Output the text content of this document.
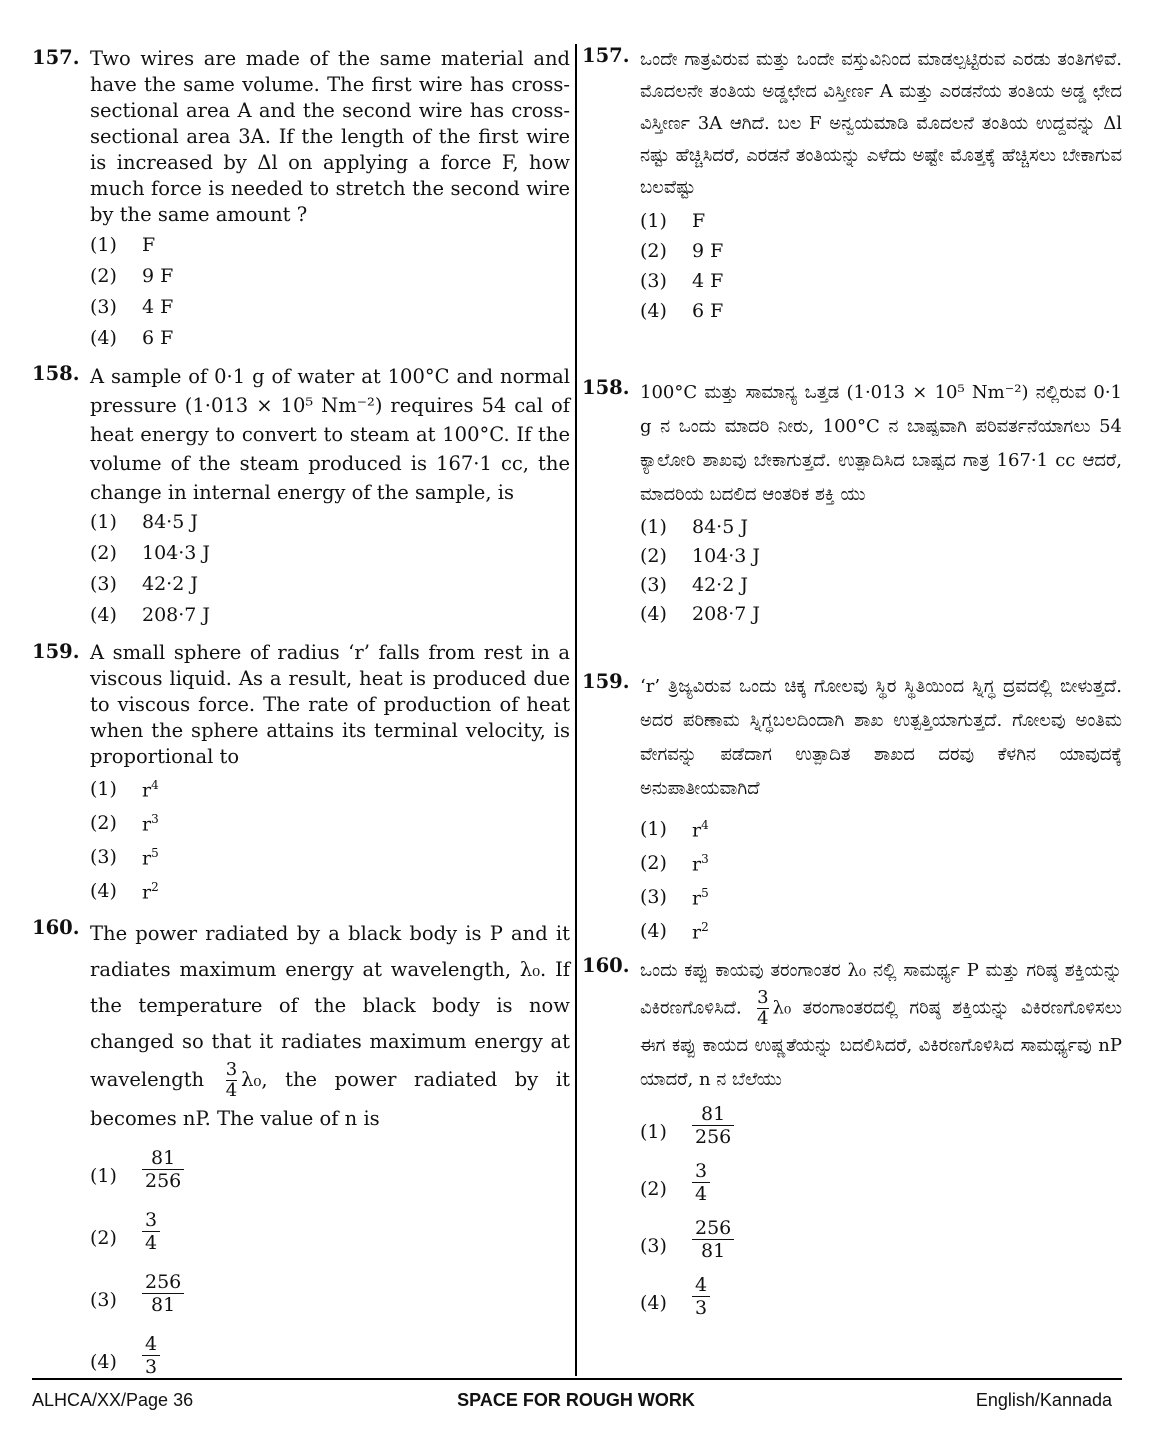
157. Two wires are made of the same material and have the same volume. The first wire has cross-sectional area A and the second wire has cross-sectional area 3A. If the length of the first wire is increased by Δl on applying a force F, how much force is needed to stretch the second wire by the same amount ?
(1) F
(2) 9 F
(3) 4 F
(4) 6 F
158. A sample of 0·1 g of water at 100°C and normal pressure (1·013 × 10⁵ Nm⁻²) requires 54 cal of heat energy to convert to steam at 100°C. If the volume of the steam produced is 167·1 cc, the change in internal energy of the sample, is
(1) 84·5 J
(2) 104·3 J
(3) 42·2 J
(4) 208·7 J
159. A small sphere of radius ‘r’ falls from rest in a viscous liquid. As a result, heat is produced due to viscous force. The rate of production of heat when the sphere attains its terminal velocity, is proportional to
(1) $r^4$
(2) $r^3$
(3) $r^5$
(4) $r^2$
160. The power radiated by a black body is P and it radiates maximum energy at wavelength, λ₀. If the temperature of the black body is now changed so that it radiates maximum energy at wavelength $\frac{3}{4} \lambda_0$, the power radiated by it becomes nP. The value of n is
$(1) \frac{81}{256}$
$(2) \frac{3}{4}$
$(3) \frac{256}{81}$
$(4) \frac{4}{3}$
157. ಒಂದೇ ಗಾತ್ರವಿರುವ ಮತ್ತು ಒಂದೇ ವಸ್ತುವಿನಿಂದ ಮಾಡಲ್ಪಟ್ಟಿರುವ ಎರಡು ತಂತಿಗಳಿವೆ. ಮೊದಲನೇ ತಂತಿಯ ಅಡ್ಡಛೇದ ವಿಸ್ತೀರ್ಣ A ಮತ್ತು ಎರಡನೆಯ ತಂತಿಯ ಅಡ್ಡ ಛೇದ ವಿಸ್ತೀರ್ಣ 3A ಆಗಿದೆ. ಬಲ F ಅನ್ವಯಮಾಡಿ ಮೊದಲನೆ ತಂತಿಯ ಉದ್ದವನ್ನು Δl ನಷ್ಟು ಹೆಚ್ಚಿಸಿದರೆ, ಎರಡನೆ ತಂತಿಯನ್ನು ಎಳೆದು ಅಷ್ಟೇ ಮೊತ್ತಕ್ಕೆ ಹೆಚ್ಚಿಸಲು ಬೇಕಾಗುವ ಬಲವೆಷ್ಟು
(1) F
(2) 9 F
(3) 4 F
(4) 6 F
158. 100°C ಮತ್ತು ಸಾಮಾನ್ಯ ಒತ್ತಡ (1·013 × 10⁵ Nm⁻²) ನಲ್ಲಿರುವ 0·1 g ನ ಒಂದು ಮಾದರಿ ನೀರು, 100°C ನ ಬಾಷ್ಪವಾಗಿ ಪರಿವರ್ತನೆಯಾಗಲು 54 ಕ್ಯಾಲೋರಿ ಶಾಖವು ಬೇಕಾಗುತ್ತದೆ. ಉತ್ಪಾದಿಸಿದ ಬಾಷ್ಪದ ಗಾತ್ರ 167·1 cc ಆದರೆ, ಮಾದರಿಯ ಬದಲಿದ ಆಂತರಿಕ ಶಕ್ತಿ ಯು
(1) 84·5 J
(2) 104·3 J
(3) 42·2 J
(4) 208·7 J
159. ‘r’ ತ್ರಿಜ್ಯವಿರುವ ಒಂದು ಚಿಕ್ಕ ಗೋಲವು ಸ್ಥಿರ ಸ್ಥಿತಿಯಿಂದ ಸ್ನಿಗ್ಧ ದ್ರವದಲ್ಲಿ ಬೀಳುತ್ತದೆ. ಅದರ ಪರಿಣಾಮ ಸ್ನಿಗ್ಧಬಲದಿಂದಾಗಿ ಶಾಖ ಉತ್ಪತ್ತಿಯಾಗುತ್ತದೆ. ಗೋಲವು ಅಂತಿಮ ವೇಗವನ್ನು ಪಡೆದಾಗ ಉತ್ಪಾದಿತ ಶಾಖದ ದರವು ಕೆಳಗಿನ ಯಾವುದಕ್ಕೆ ಅನುಪಾತೀಯವಾಗಿದೆ
(1) $r^4$
(2) $r^3$
(3) $r^5$
(4) $r^2$
160. ಒಂದು ಕಪ್ಪು ಕಾಯವು ತರಂಗಾಂತರ λ₀ ನಲ್ಲಿ ಸಾಮರ್ಥ್ಯ P ಮತ್ತು ಗರಿಷ್ಠ ಶಕ್ತಿಯನ್ನು ವಿಕಿರಣಗೊಳಿಸಿದೆ. $\frac{3}{4} \lambda_0$ ತರಂಗಾಂತರದಲ್ಲಿ ಗರಿಷ್ಠ ಶಕ್ತಿಯನ್ನು ವಿಕಿರಣಗೊಳಿಸಲು ಈಗ ಕಪ್ಪು ಕಾಯದ ಉಷ್ಣತೆಯನ್ನು ಬದಲಿಸಿದರೆ, ವಿಕಿರಣಗೊಳಿಸಿದ ಸಾಮರ್ಥ್ಯವು nP ಯಾದರೆ, n ನ ಬೆಲೆಯು
$(1) \frac{81}{256}$
$(2) \frac{3}{4}$
$(3) \frac{256}{81}$
$(4) \frac{4}{3}$
ALHCA/XX/Page 36	SPACE FOR ROUGH WORK	English/Kannada
